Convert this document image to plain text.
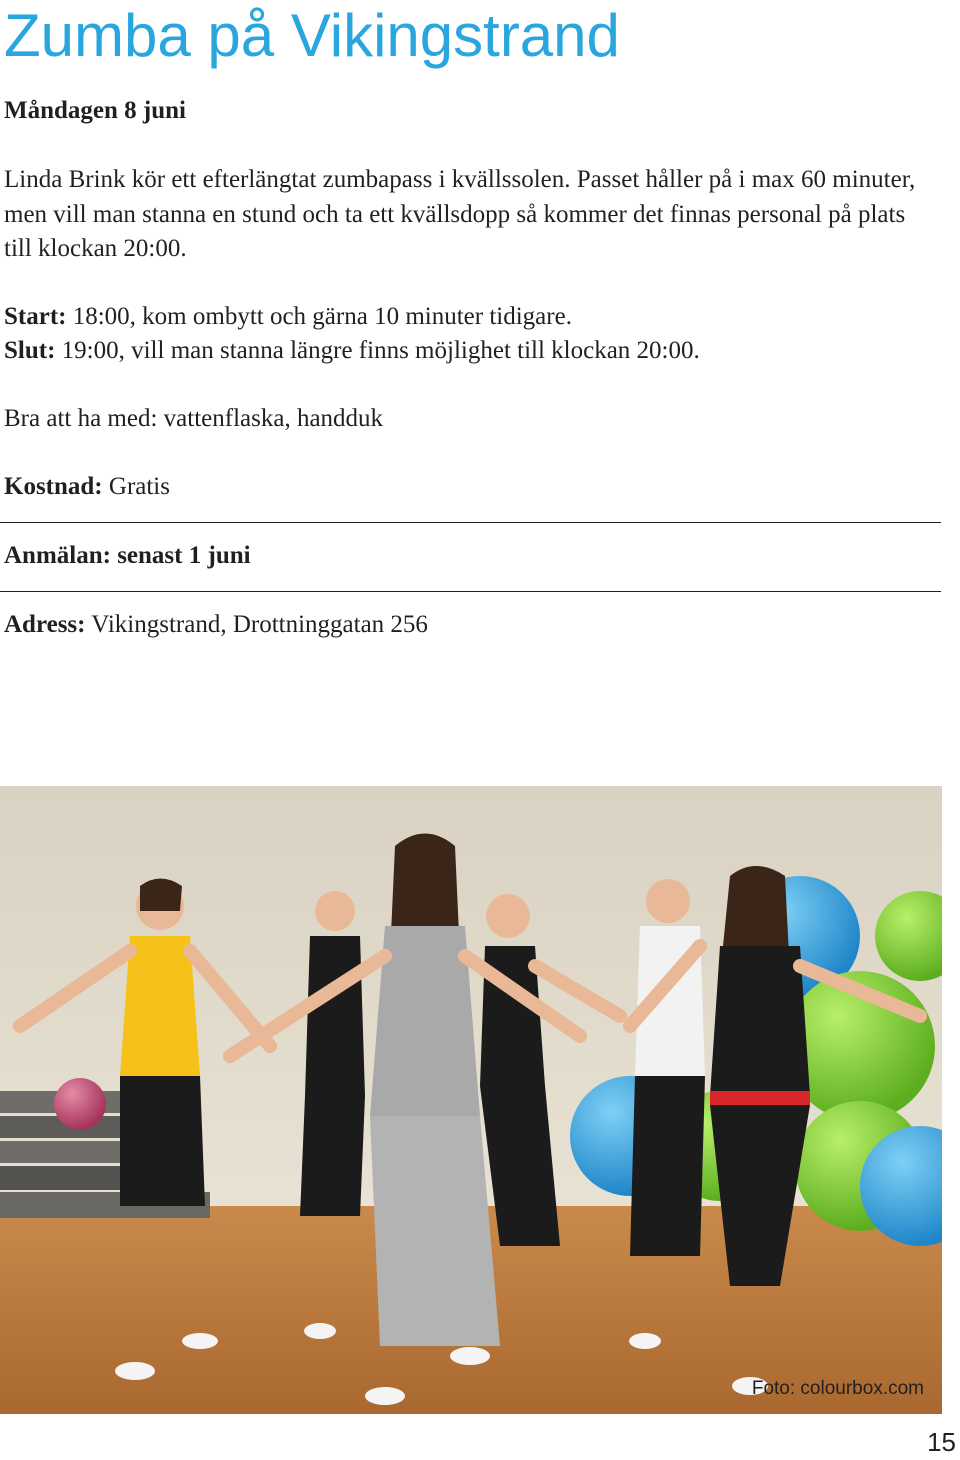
Zumba på Vikingstrand

Måndagen 8 juni

Linda Brink kör ett efterlängtat zumbapass i kvällssolen. Passet håller på i max 60 minuter, men vill man stanna en stund och ta ett kvällsdopp så kommer det finnas personal på plats till klockan 20:00.

Start: 18:00, kom ombytt och gärna 10 minuter tidigare.

Slut: 19:00, vill man stanna längre finns möjlighet till klockan 20:00.

Bra att ha med: vattenflaska, handduk

Kostnad: Gratis

Anmälan: senast 1 juni

Adress: Vikingstrand, Drottninggatan 256

Foto: colourbox.com
15
